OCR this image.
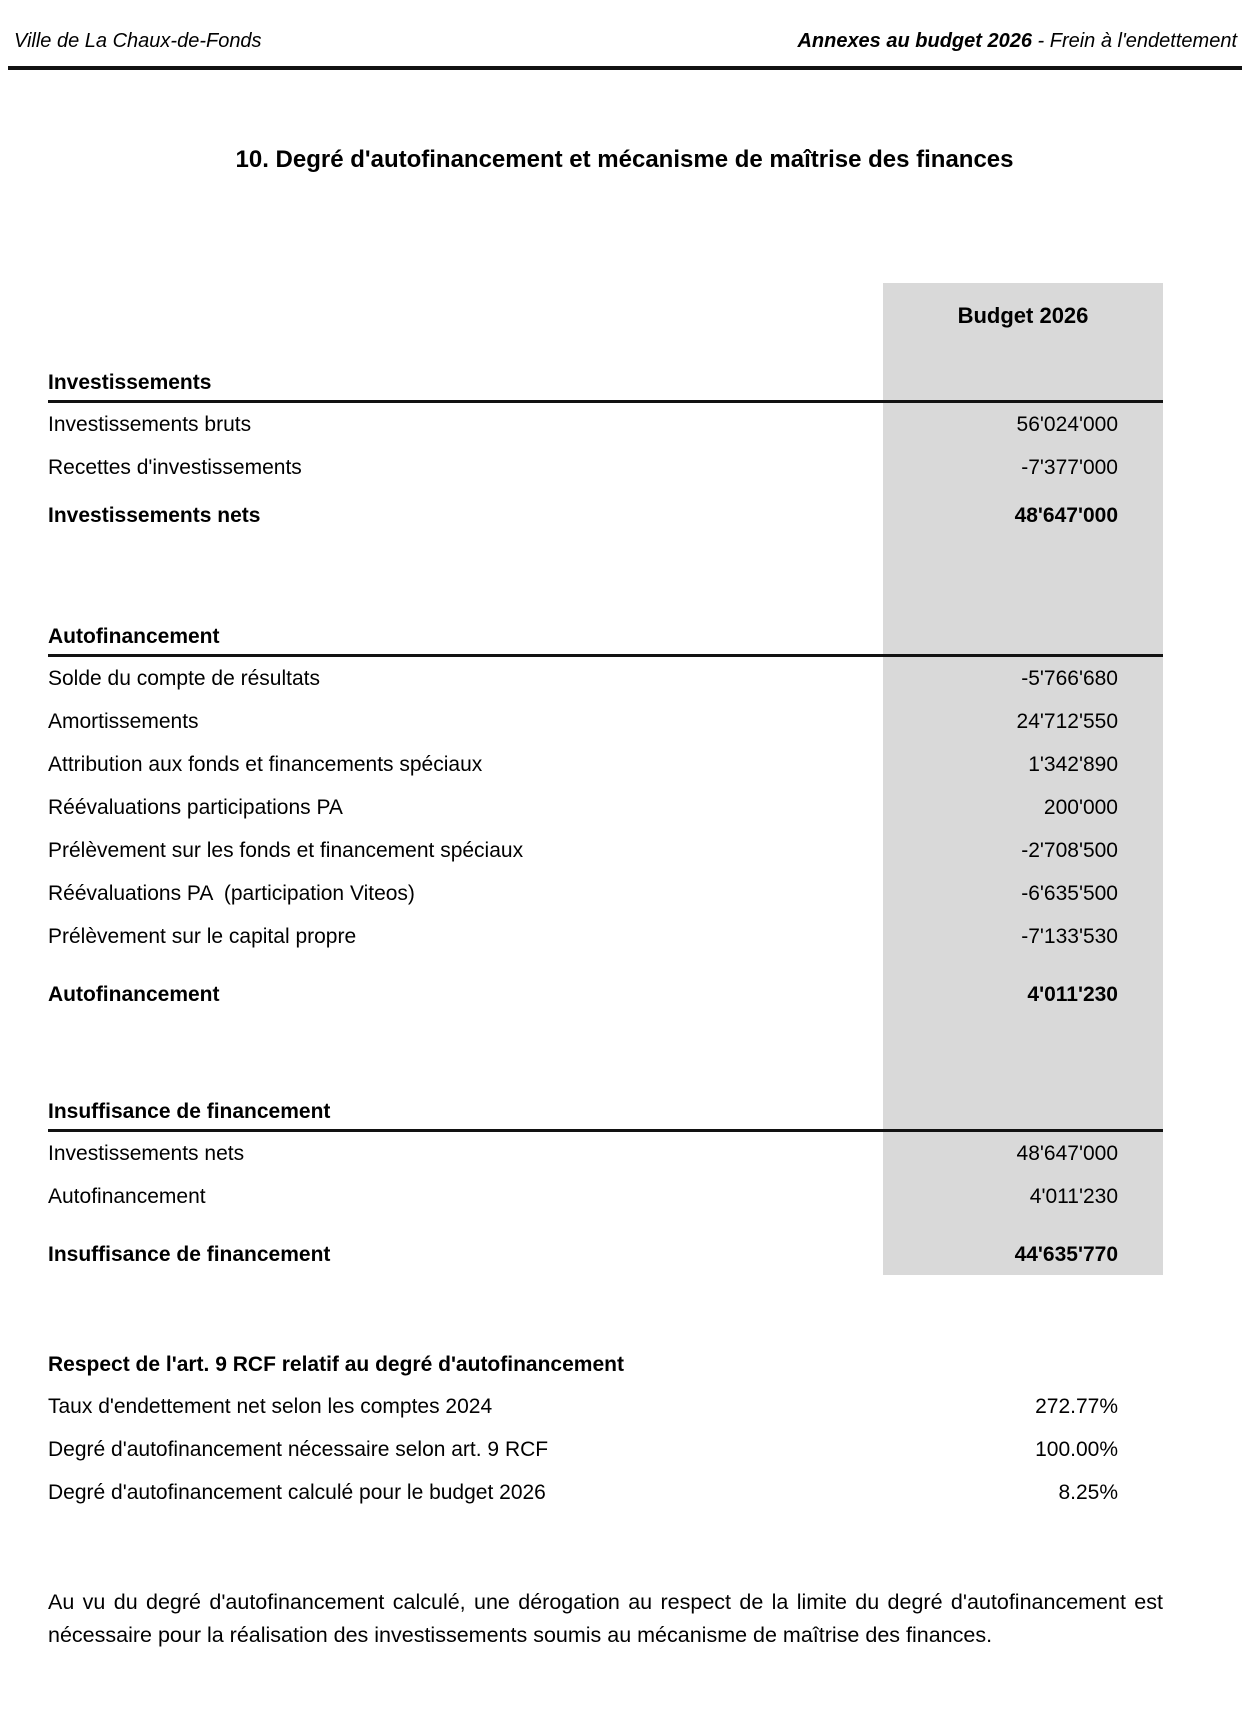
Ville de La Chaux-de-Fonds	Annexes au budget 2026 - Frein à l'endettement
10. Degré d'autofinancement et mécanisme de maîtrise des finances
Budget 2026
Investissements
Investissements bruts	56'024'000
Recettes d'investissements	-7'377'000
Investissements nets	48'647'000
Autofinancement
Solde du compte de résultats	-5'766'680
Amortissements	24'712'550
Attribution aux fonds et financements spéciaux	1'342'890
Réévaluations participations PA	200'000
Prélèvement sur les fonds et financement spéciaux	-2'708'500
Réévaluations PA  (participation Viteos)	-6'635'500
Prélèvement sur le capital propre	-7'133'530
Autofinancement	4'011'230
Insuffisance de financement
Investissements nets	48'647'000
Autofinancement	4'011'230
Insuffisance de financement	44'635'770
Respect de l'art. 9 RCF relatif au degré d'autofinancement
Taux d'endettement net selon les comptes 2024	272.77%
Degré d'autofinancement nécessaire selon art. 9 RCF	100.00%
Degré d'autofinancement calculé pour le budget 2026	8.25%
Au vu du degré d'autofinancement calculé, une dérogation au respect de la limite du degré d'autofinancement est nécessaire pour la réalisation des investissements soumis au mécanisme de maîtrise des finances.
